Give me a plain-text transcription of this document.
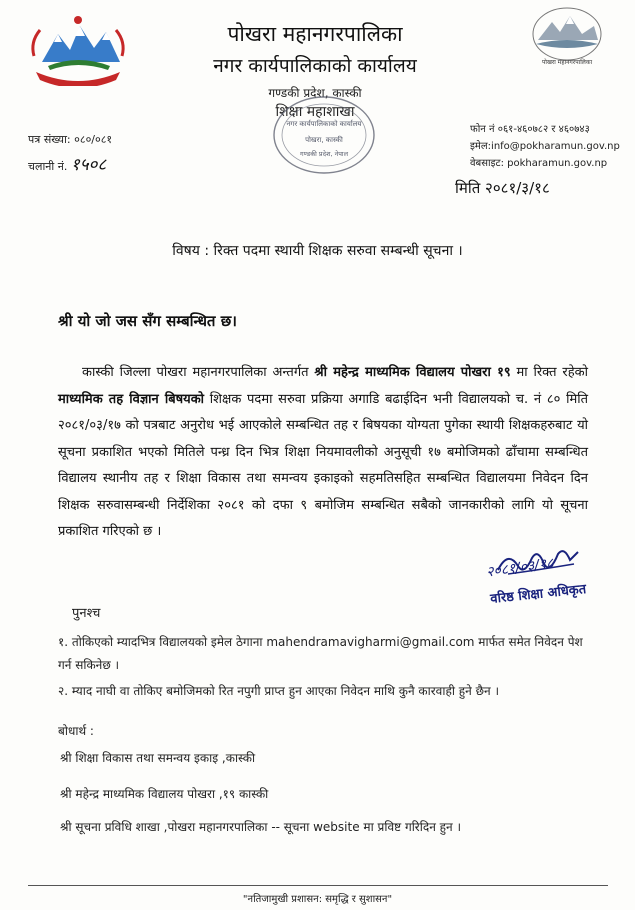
पोखरा महानगरपालिका
पोखरा महानगरपालिका
नगर कार्यपालिकाको कार्यालय
गण्डकी प्रदेश, कास्की
शिक्षा महाशाखा
नगर कार्यपालिकाको कार्यालय
पोखरा, कास्की
गण्डकी प्रदेश, नेपाल
पत्र संख्या: ०८०/०८१
चलानी नं. १५०८
फोन नं ०६१-४६०७८२ र ४६०७४३
इमेल:info@pokharamun.gov.np
वेबसाइट: pokharamun.gov.np
मिति २०८१/३/१८
विषय : रिक्त पदमा स्थायी शिक्षक सरुवा सम्बन्धी सूचना ।
श्री यो जो जस सँग सम्बन्धित छ।

कास्की जिल्ला पोखरा महानगरपालिका अन्तर्गत श्री महेन्द्र माध्यमिक विद्यालय पोखरा १९ मा रिक्त रहेको माध्यमिक तह विज्ञान बिषयको शिक्षक पदमा सरुवा प्रक्रिया अगाडि बढाईदिन भनी विद्यालयको च. नं ८० मिति २०८१/०३/१७ को पत्रबाट अनुरोध भई आएकोले सम्बन्धित तह र बिषयका योग्यता पुगेका स्थायी शिक्षकहरुबाट यो सूचना प्रकाशित भएको मितिले पन्ध्र दिन भित्र शिक्षा नियमावलीको अनुसूची १७ बमोजिमको ढाँचामा सम्बन्धित विद्यालय स्थानीय तह र शिक्षा विकास तथा समन्वय इकाइको सहमतिसहित सम्बन्धित विद्यालयमा निवेदन दिन शिक्षक सरुवासम्बन्धी निर्देशिका २०८१ को दफा ९ बमोजिम सम्बन्धित सबैको जानकारीको लागि यो सूचना प्रकाशित गरिएको छ ।

२०८१/०३/१८
वरिष्ठ शिक्षा अधिकृत
पुनश्च
१. तोकिएको म्यादभित्र विद्यालयको इमेल ठेगाना mahendramavigharmi@gmail.com मार्फत समेत निवेदन पेश गर्न सकिनेछ ।
२. म्याद नाघी वा तोकिए बमोजिमको रित नपुगी प्राप्त हुन आएका निवेदन माथि कुनै कारवाही हुने छैन ।
बोधार्थ :
श्री शिक्षा विकास तथा समन्वय इकाइ ,कास्की
श्री महेन्द्र माध्यमिक विद्यालय पोखरा ,१९ कास्की
श्री सूचना प्रविधि शाखा ,पोखरा महानगरपालिका -- सूचना website मा प्रविष्ट गरिदिन हुन ।
"नतिजामुखी प्रशासन: समृद्धि र सुशासन"
